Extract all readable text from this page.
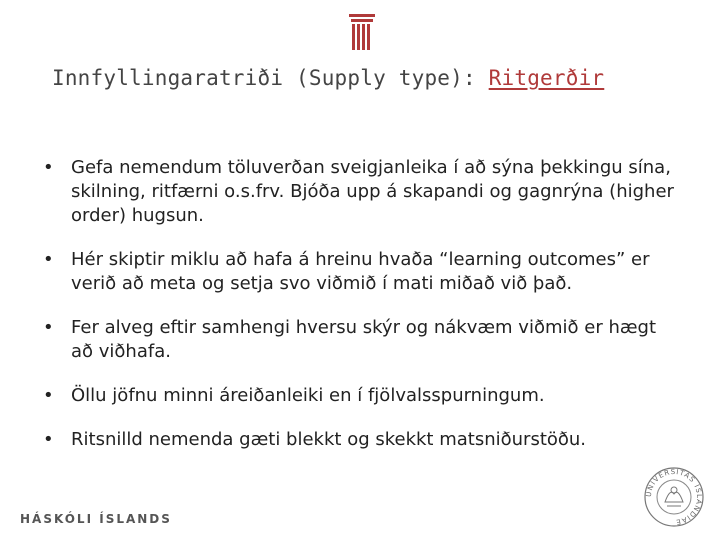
Innfyllingaratriði (Supply type): Ritgerðir
• Gefa nemendum töluverðan sveigjanleika í að sýna þekkingu sína, skilning, ritfærni o.s.frv. Bjóða upp á skapandi og gagnrýna (higher order) hugsun.
• Hér skiptir miklu að hafa á hreinu hvaða “learning outcomes” er verið að meta og setja svo viðmið í mati miðað við það.
• Fer alveg eftir samhengi hversu skýr og nákvæm viðmið er hægt að viðhafa.
• Öllu jöfnu minni áreiðanleiki en í fjölvalsspurningum.
• Ritsnilld nemenda gæti blekkt og skekkt matsniðurstöðu.
HÁSKÓLI ÍSLANDS
UNIVERSITAS ISLANDIAE
